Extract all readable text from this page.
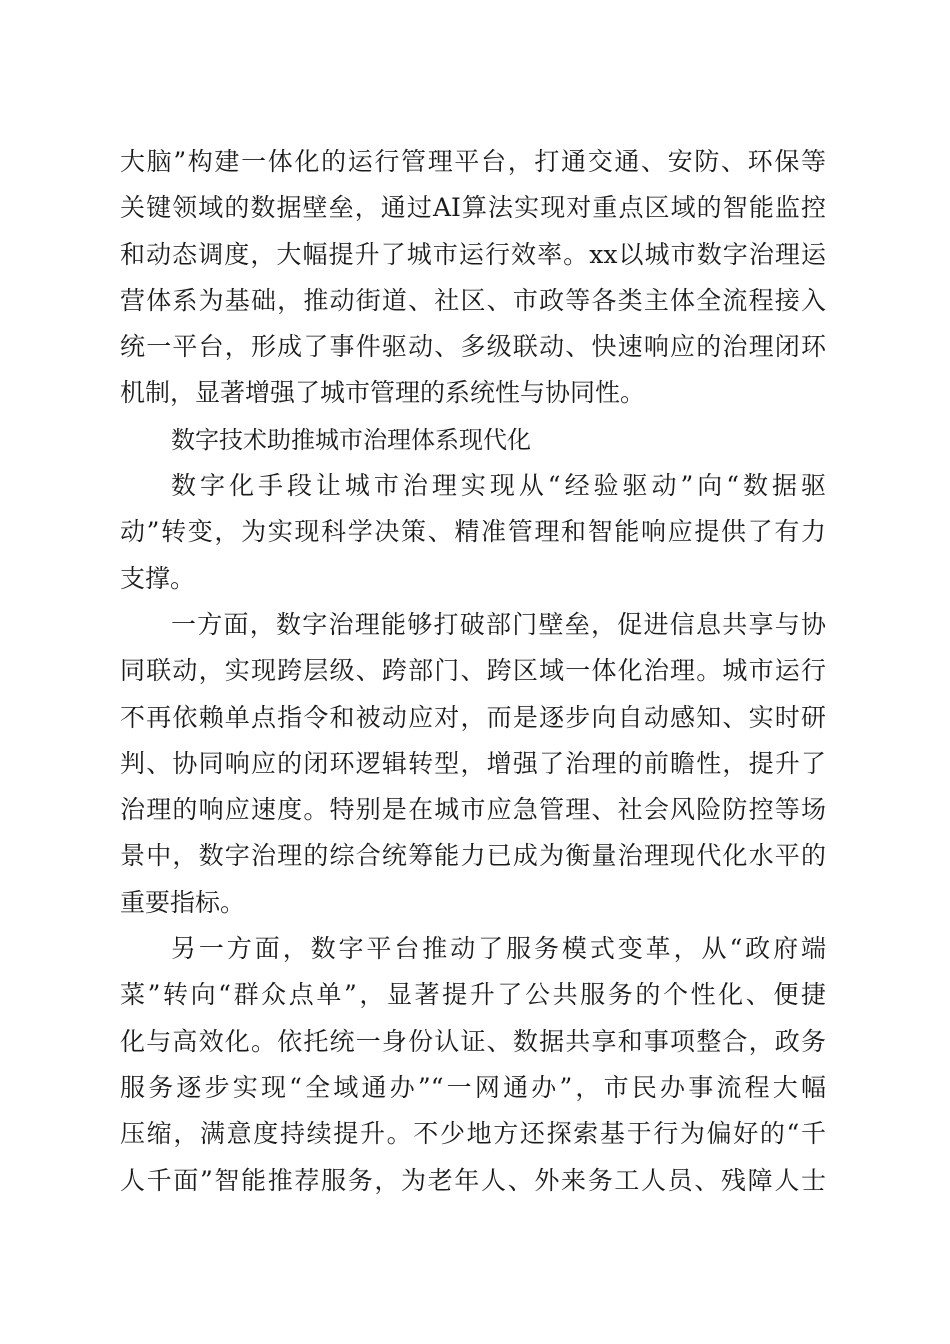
大脑”构建一体化的运行管理平台，打通交通、安防、环保等
关键领域的数据壁垒，通过AI算法实现对重点区域的智能监控
和动态调度，大幅提升了城市运行效率。xx以城市数字治理运
营体系为基础，推动街道、社区、市政等各类主体全流程接入
统一平台，形成了事件驱动、多级联动、快速响应的治理闭环
机制，显著增强了城市管理的系统性与协同性。
数字技术助推城市治理体系现代化
数字化手段让城市治理实现从“经验驱动”向“数据驱
动”转变，为实现科学决策、精准管理和智能响应提供了有力
支撑。
一方面，数字治理能够打破部门壁垒，促进信息共享与协
同联动，实现跨层级、跨部门、跨区域一体化治理。城市运行
不再依赖单点指令和被动应对，而是逐步向自动感知、实时研
判、协同响应的闭环逻辑转型，增强了治理的前瞻性，提升了
治理的响应速度。特别是在城市应急管理、社会风险防控等场
景中，数字治理的综合统筹能力已成为衡量治理现代化水平的
重要指标。
另一方面，数字平台推动了服务模式变革，从“政府端
菜”转向“群众点单”，显著提升了公共服务的个性化、便捷
化与高效化。依托统一身份认证、数据共享和事项整合，政务
服务逐步实现“全域通办”“一网通办”，市民办事流程大幅
压缩，满意度持续提升。不少地方还探索基于行为偏好的“千
人千面”智能推荐服务，为老年人、外来务工人员、残障人士
